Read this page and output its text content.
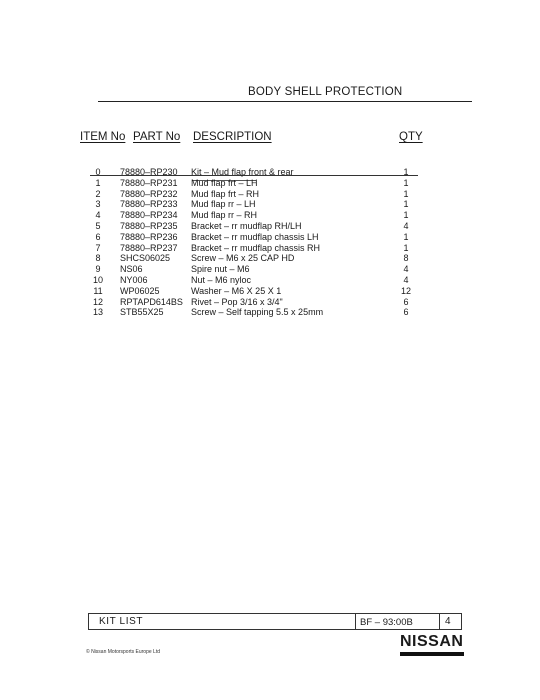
BODY SHELL PROTECTION
ITEM No PART No DESCRIPTION	QTY
0	78880–RP230 Kit – Mud flap front & rear	1
1	78880–RP231 Mud flap frt – LH	1
2	78880–RP232 Mud flap frt – RH	1
3	78880–RP233 Mud flap rr – LH	1
4	78880–RP234 Mud flap rr – RH	1
5	78880–RP235 Bracket – rr mudflap RH/LH	4
6	78880–RP236 Bracket – rr mudflap chassis LH	1
7	78880–RP237 Bracket – rr mudflap chassis RH	1
8	SHCS06025 Screw – M6 x 25 CAP HD	8
9	NS06	Spire nut – M6	4
10	NY006	Nut – M6 nyloc	4
11	WP06025	Washer – M6 X 25 X 1	12
12	RPTAPD614BS Rivet – Pop 3/16 x 3/4"	6
13	STB55X25	Screw – Self tapping 5.5 x 25mm	6
KIT LIST	BF – 93:00B	4
© Nissan Motorsports Europe Ltd
NISSAN
